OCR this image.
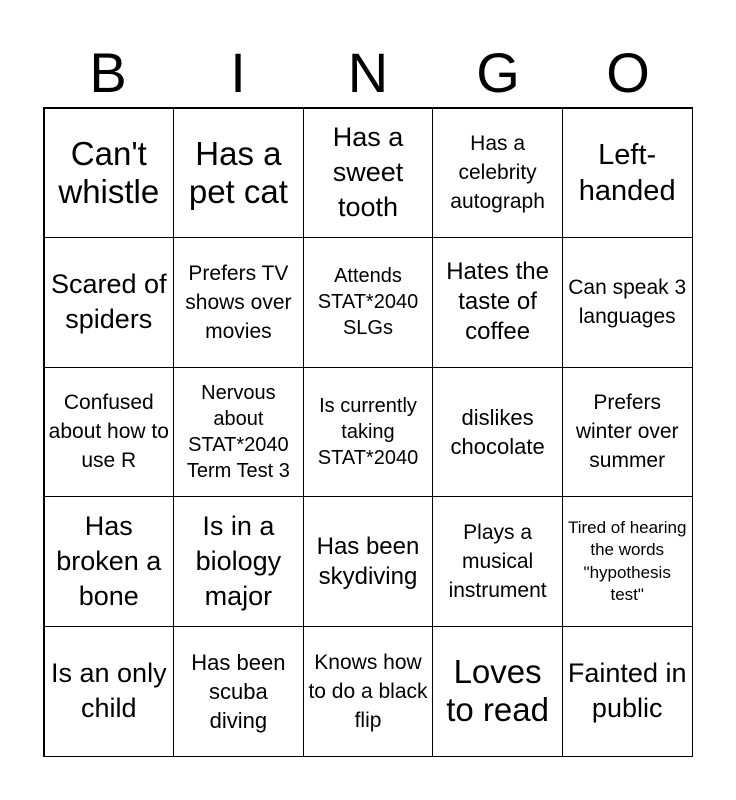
B	I	N	G	O
Can't whistle
Has a pet cat
Has a sweet tooth
Has a celebrity autograph
Left-handed
Scared of spiders
Prefers TV shows over movies
Attends STAT*2040 SLGs
Hates the taste of coffee
Can speak 3 languages
Confused about how to use R
Nervous about STAT*2040 Term Test 3
Is currently taking STAT*2040
dislikes chocolate
Prefers winter over summer
Has broken a bone
Is in a biology major
Has been skydiving
Plays a musical instrument
Tired of hearing the words "hypothesis test"
Is an only child
Has been scuba diving
Knows how to do a black flip
Loves to read
Fainted in public
